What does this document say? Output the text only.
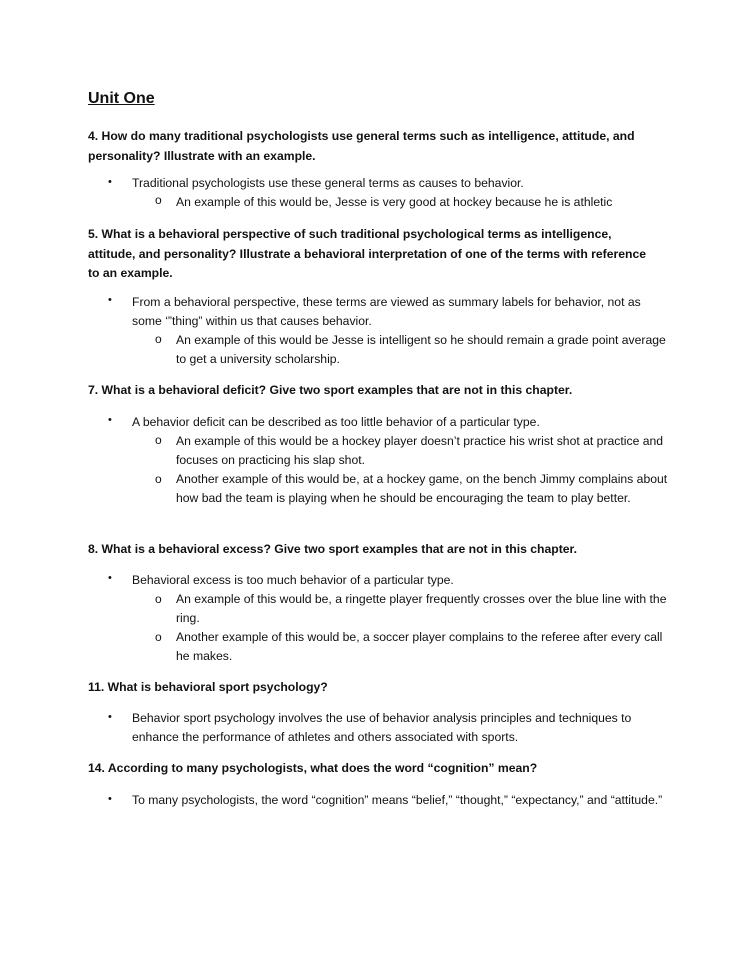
Unit One
4. How do many traditional psychologists use general terms such as intelligence, attitude, and personality? Illustrate with an example.
• Traditional psychologists use these general terms as causes to behavior.
o An example of this would be, Jesse is very good at hockey because he is athletic
5. What is a behavioral perspective of such traditional psychological terms as intelligence, attitude, and personality? Illustrate a behavioral interpretation of one of the terms with reference to an example.
• From a behavioral perspective, these terms are viewed as summary labels for behavior, not as some ‘”thing” within us that causes behavior.
o An example of this would be Jesse is intelligent so he should remain a grade point average to get a university scholarship.
7. What is a behavioral deficit? Give two sport examples that are not in this chapter.
• A behavior deficit can be described as too little behavior of a particular type.
o An example of this would be a hockey player doesn’t practice his wrist shot at practice and focuses on practicing his slap shot.
o Another example of this would be, at a hockey game, on the bench Jimmy complains about how bad the team is playing when he should be encouraging the team to play better.
8. What is a behavioral excess? Give two sport examples that are not in this chapter.
• Behavioral excess is too much behavior of a particular type.
o An example of this would be, a ringette player frequently crosses over the blue line with the ring.
o Another example of this would be, a soccer player complains to the referee after every call he makes.
11. What is behavioral sport psychology?
• Behavior sport psychology involves the use of behavior analysis principles and techniques to enhance the performance of athletes and others associated with sports.
14. According to many psychologists, what does the word “cognition” mean?
• To many psychologists, the word “cognition” means “belief,” “thought,” “expectancy,” and “attitude.”
